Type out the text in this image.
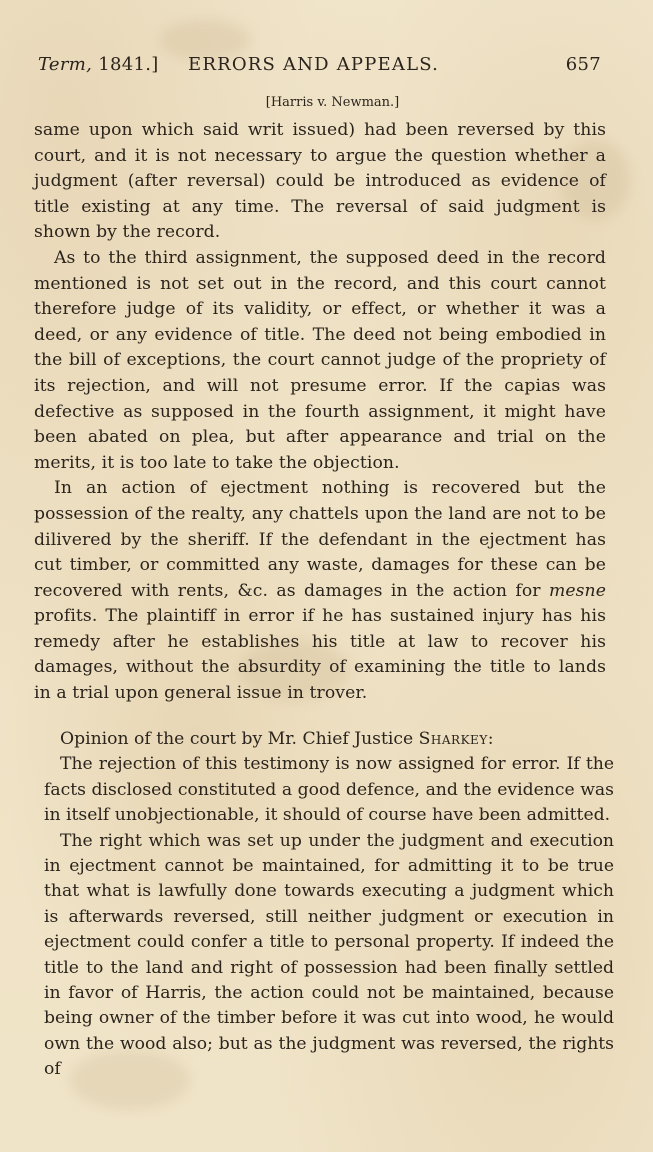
Term, 1841.] ERRORS AND APPEALS.	657
[Harris v. Newman.]

same upon which said writ issued) had been reversed by this court, and it is not necessary to argue the question whether a judgment (after reversal) could be introduced as evidence of title existing at any time. The reversal of said judgment is shown by the record.

As to the third assignment, the supposed deed in the record mentioned is not set out in the record, and this court cannot therefore judge of its validity, or effect, or whether it was a deed, or any evidence of title. The deed not being embodied in the bill of exceptions, the court cannot judge of the propriety of its rejection, and will not presume error. If the capias was defective as supposed in the fourth assignment, it might have been abated on plea, but after appearance and trial on the merits, it is too late to take the objection.

In an action of ejectment nothing is recovered but the possession of the realty, any chattels upon the land are not to be dilivered by the sheriff. If the defendant in the ejectment has cut timber, or committed any waste, damages for these can be recovered with rents, &c. as damages in the action for mesne profits. The plaintiff in error if he has sustained injury has his remedy after he establishes his title at law to recover his damages, without the absurdity of examining the title to lands in a trial upon general issue in trover.

Opinion of the court by Mr. Chief Justice Sharkey:

The rejection of this testimony is now assigned for error. If the facts disclosed constituted a good defence, and the evidence was in itself unobjectionable, it should of course have been admitted.

The right which was set up under the judgment and execution in ejectment cannot be maintained, for admitting it to be true that what is lawfully done towards executing a judgment which is afterwards reversed, still neither judgment or execution in ejectment could confer a title to personal property. If indeed the title to the land and right of possession had been finally settled in favor of Harris, the action could not be maintained, because being owner of the timber before it was cut into wood, he would own the wood also; but as the judgment was reversed, the rights of
